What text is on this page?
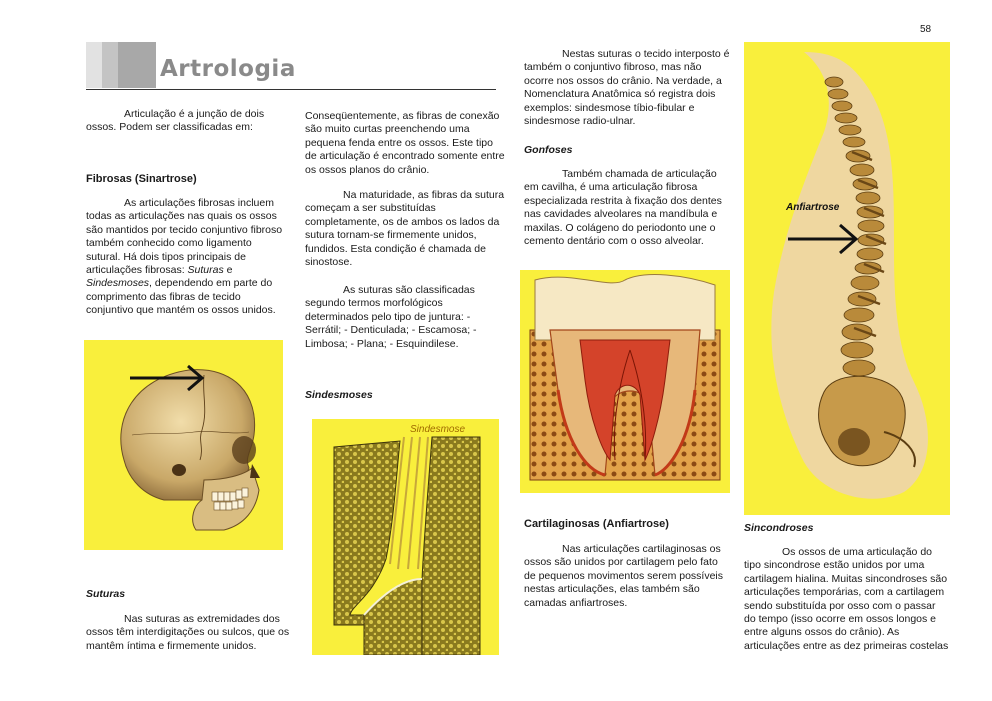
58
Artrologia

Articulação é a junção de dois ossos. Podem ser classificadas em:

Fibrosas (Sinartrose)

As articulações fibrosas incluem todas as articulações nas quais os ossos são mantidos por tecido conjuntivo fibroso também conhecido como ligamento sutural. Há dois tipos principais de articulações fibrosas: Suturas e Sindesmoses, dependendo em parte do comprimento das fibras de tecido conjuntivo que mantém os ossos unidos.

Suturas

Nas suturas as extremidades dos ossos têm interdigitações ou sulcos, que os mantêm íntima e firmemente unidos.

Conseqüentemente, as fibras de conexão são muito curtas preenchendo uma pequena fenda entre os ossos. Este tipo de articulação é encontrado somente entre os ossos planos do crânio.

Na maturidade, as fibras da sutura começam a ser substituídas completamente, os de ambos os lados da sutura tornam-se firmemente unidos, fundidos. Esta condição é chamada de sinostose.

As suturas são classificadas segundo termos morfológicos determinados pelo tipo de juntura: - Serrátil; - Denticulada; - Escamosa; - Limbosa; - Plana; - Esquindilese.

Sindesmoses

Sindesmose

Nestas suturas o tecido interposto é também o conjuntivo fibroso, mas não ocorre nos ossos do crânio. Na verdade, a Nomenclatura Anatômica só registra dois exemplos: sindesmose tíbio-fibular e sindesmose radio-ulnar.

Gonfoses

Também chamada de articulação em cavilha, é uma articulação fibrosa especializada restrita à fixação dos dentes nas cavidades alveolares na mandíbula e maxilas. O colágeno do periodonto une o cemento dentário com o osso alveolar.

Cartilaginosas (Anfiartrose)

Nas articulações cartilaginosas os ossos são unidos por cartilagem pelo fato de pequenos movimentos serem possíveis nestas articulações, elas também são camadas anfiartroses.

Anfiartrose

Sincondroses

Os ossos de uma articulação do tipo sincondrose estão unidos por uma cartilagem hialina. Muitas sincondroses são articulações temporárias, com a cartilagem sendo substituída por osso com o passar do tempo (isso ocorre em ossos longos e entre alguns ossos do crânio). As articulações entre as dez primeiras costelas
